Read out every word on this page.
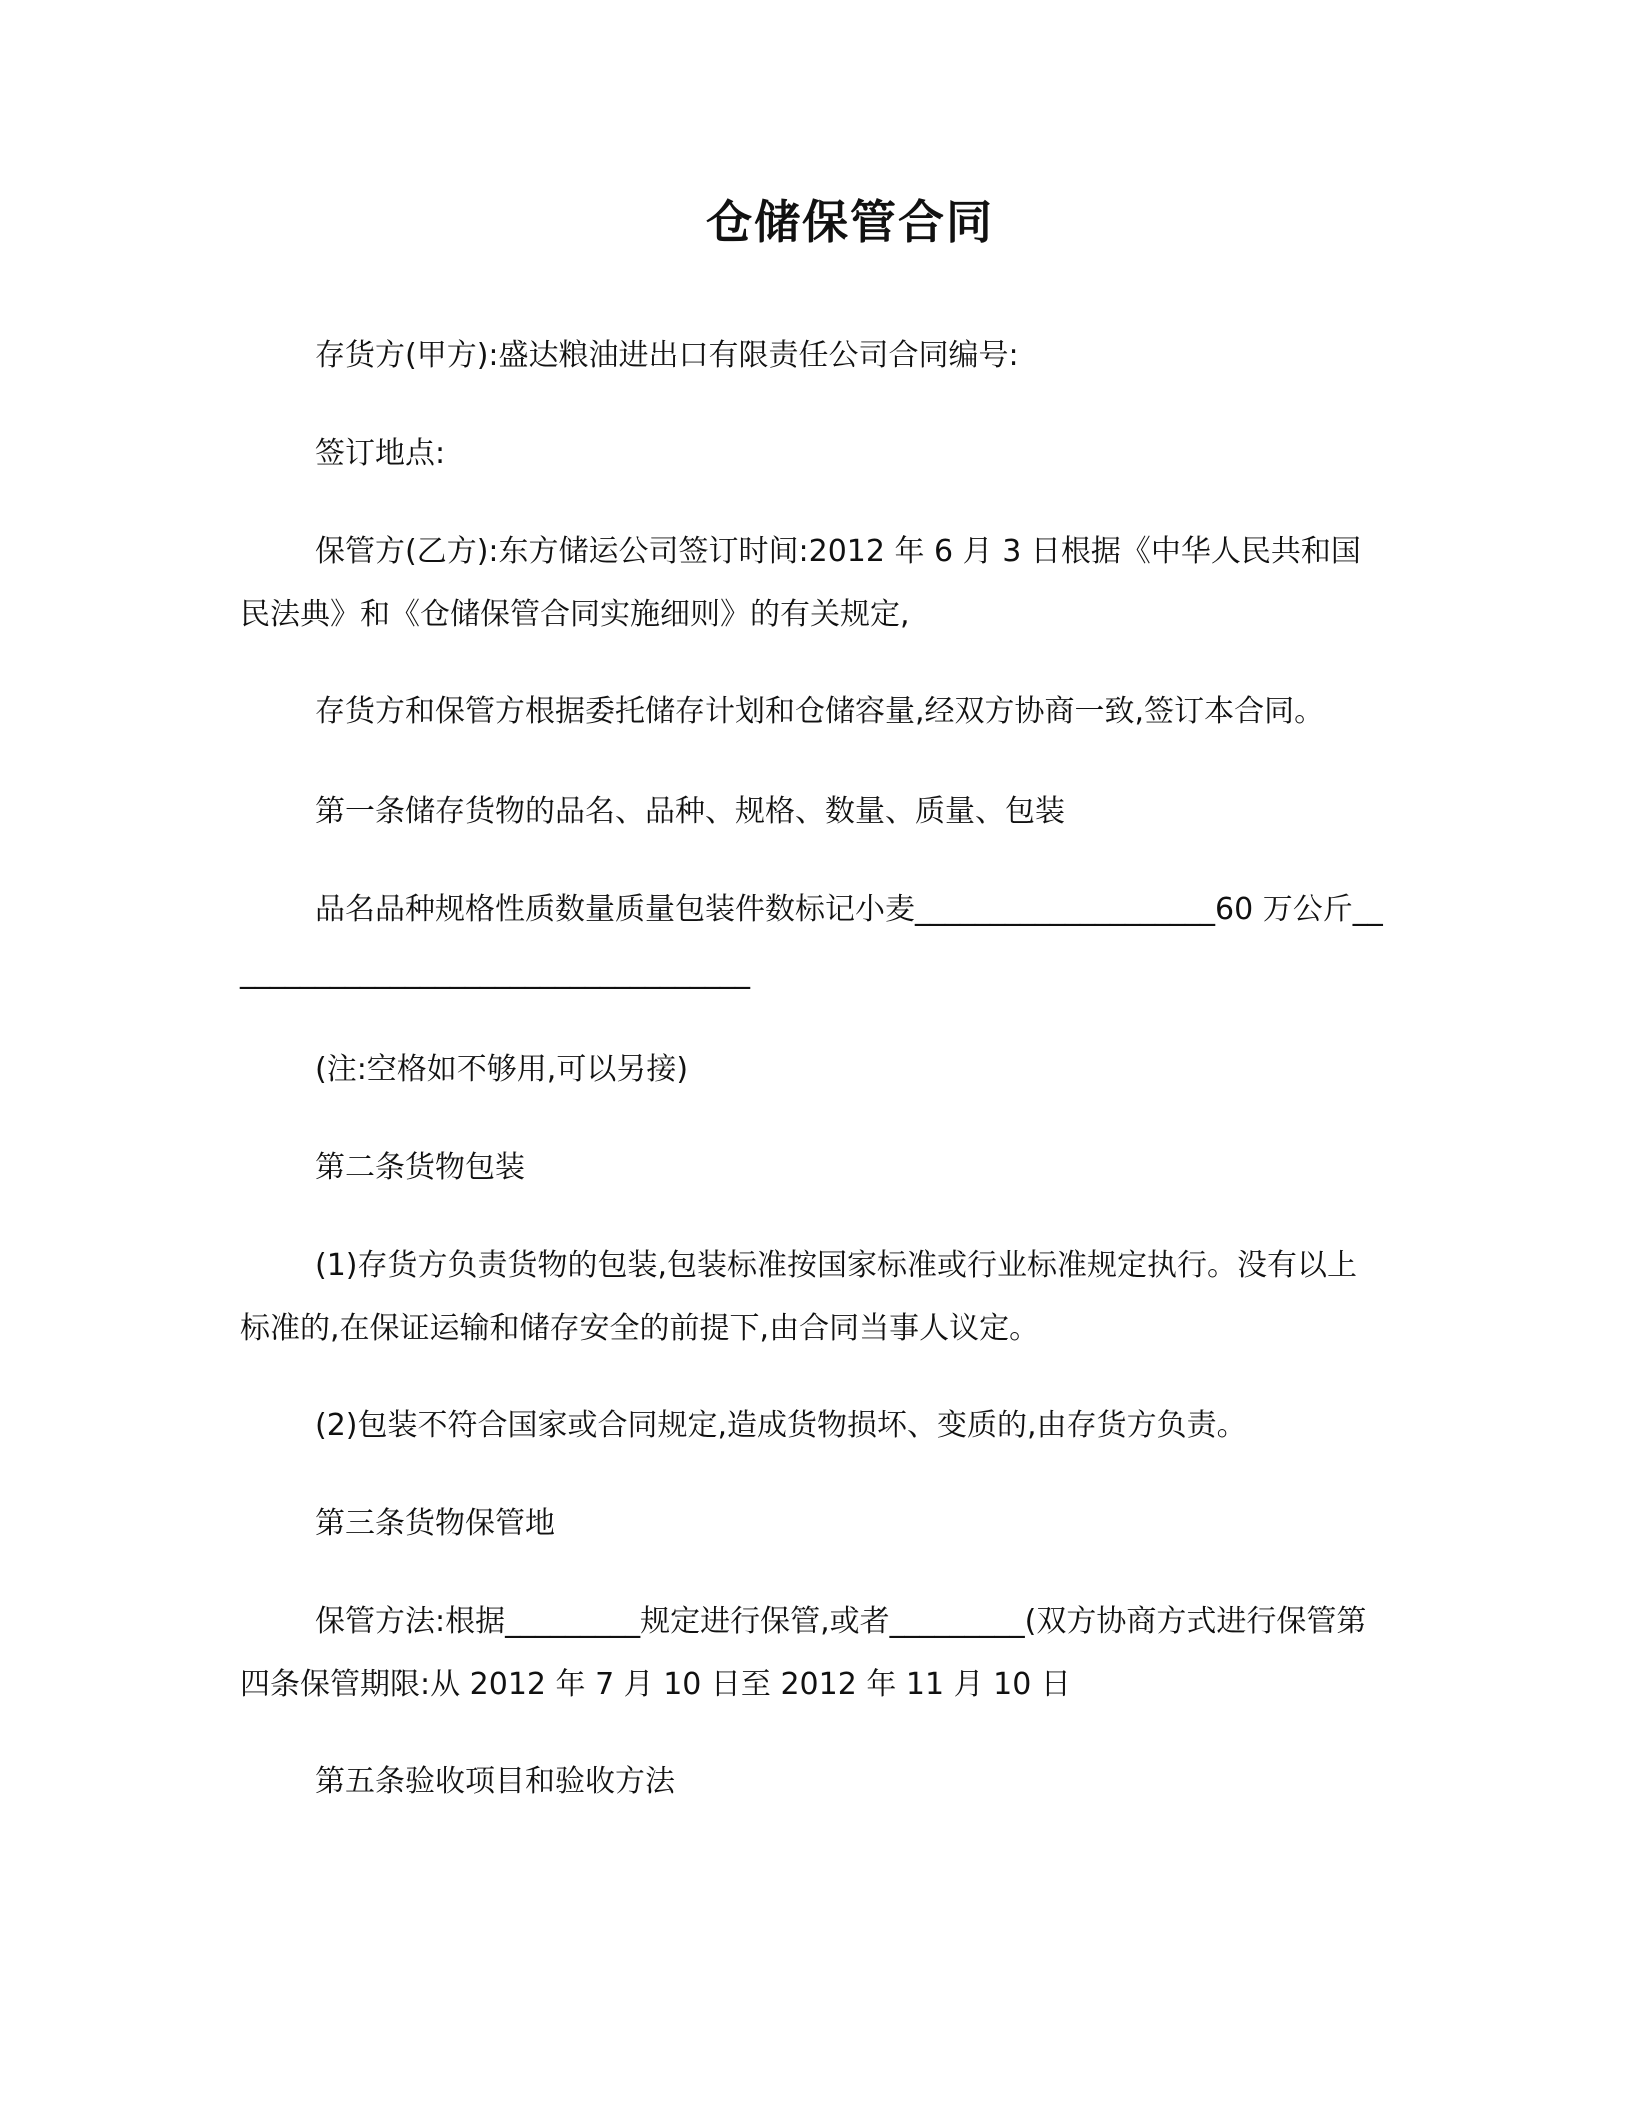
仓储保管合同

存货方(甲方):盛达粮油进出口有限责任公司合同编号:

签订地点:

保管方(乙方):东方储运公司签订时间:2012 年 6 月 3 日根据《中华人民共和国民法典》和《仓储保管合同实施细则》的有关规定,

存货方和保管方根据委托储存计划和仓储容量,经双方协商一致,签订本合同。

第一条储存货物的品名、品种、规格、数量、质量、包装

品名品种规格性质数量质量包装件数标记小麦____________________60 万公斤____________________________________

(注:空格如不够用,可以另接)

第二条货物包装

(1)存货方负责货物的包装,包装标准按国家标准或行业标准规定执行。没有以上标准的,在保证运输和储存安全的前提下,由合同当事人议定。

(2)包装不符合国家或合同规定,造成货物损坏、变质的,由存货方负责。

第三条货物保管地

保管方法:根据_________规定进行保管,或者_________(双方协商方式进行保管第四条保管期限:从 2012 年 7 月 10 日至 2012 年 11 月 10 日

第五条验收项目和验收方法
